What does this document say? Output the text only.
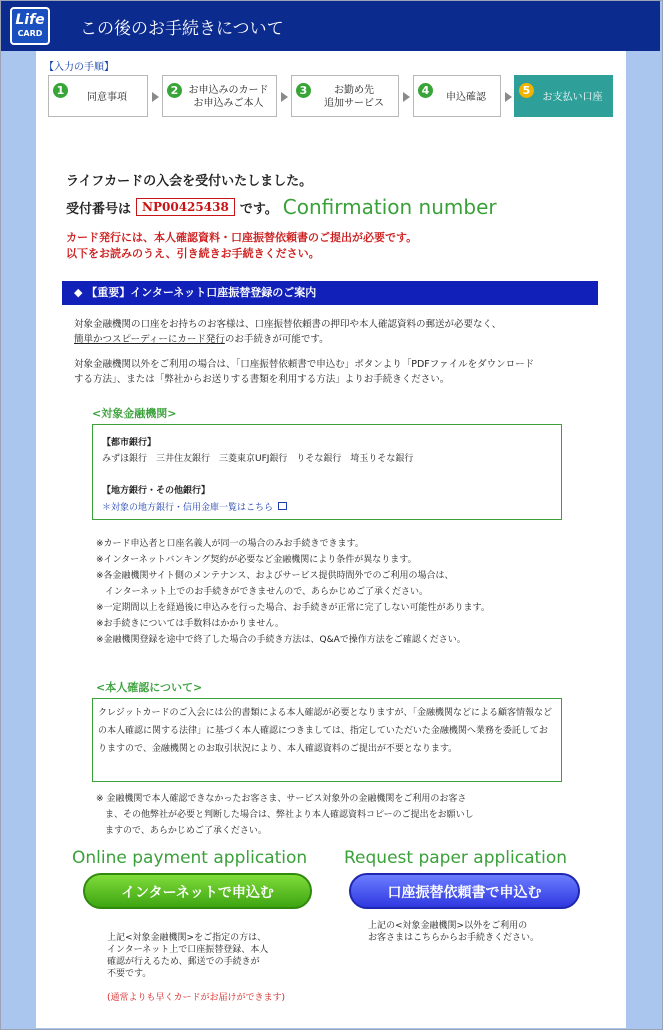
Life
CARD	この後のお手続きについて
【入力の手順】
1	同意事項	2	お申込みのカード
お申込みご本人
3	お勤め先
追加サービス
4	申込確認	5	お支払い口座
ライフカードの入会を受付いたしました。
受付番号は NP00425438 です。 Confirmation number
カード発行には、本人確認資料・口座振替依頼書のご提出が必要です。
以下をお読みのうえ、引き続きお手続きください。
◆ 【重要】インターネット口座振替登録のご案内
対象金融機関の口座をお持ちのお客様は、口座振替依頼書の押印や本人確認資料の郵送が必要なく、
簡単かつスピーディーにカード発行のお手続きが可能です。
対象金融機関以外をご利用の場合は、「口座振替依頼書で申込む」ボタンより「PDFファイルをダウンロード
する方法」、または「弊社からお送りする書類を利用する方法」よりお手続きください。
<対象金融機関>
【都市銀行】
みずほ銀行　三井住友銀行　三菱東京UFJ銀行　りそな銀行　埼玉りそな銀行
【地方銀行・その他銀行】
＊対象の地方銀行・信用金庫一覧はこちら
※カード申込者と口座名義人が同一の場合のみお手続きできます。
※インターネットバンキング契約が必要など金融機関により条件が異なります。
※各金融機関サイト側のメンテナンス、およびサービス提供時間外でのご利用の場合は、
　インターネット上でのお手続きができませんので、あらかじめご了承ください。
※一定期間以上を経過後に申込みを行った場合、お手続きが正常に完了しない可能性があります。
※お手続きについては手数料はかかりません。
※金融機関登録を途中で終了した場合の手続き方法は、Q&Aで操作方法をご確認ください。
<本人確認について>
クレジットカードのご入会には公的書類による本人確認が必要となりますが、「金融機関などによる顧客情報などの本人確認に関する法律」に基づく本人確認につきましては、指定していただいた金融機関へ業務を委託しておりますので、金融機関とのお取引状況により、本人確認資料のご提出が不要となります。
※ 金融機関で本人確認できなかったお客さま、サービス対象外の金融機関をご利用のお客さ
　ま、その他弊社が必要と判断した場合は、弊社より本人確認資料コピーのご提出をお願いし
　ますので、あらかじめご了承ください。
Online payment application Request paper application
インターネットで申込む	口座振替依頼書で申込む

上記<対象金融機関>をご指定の方は、
インターネット上で口座振替登録、本人
確認が行えるため、郵送での手続きが
不要です。

(通常よりも早くカードがお届けができます)

上記の<対象金融機関>以外をご利用の
お客さまはこちらからお手続きください。
